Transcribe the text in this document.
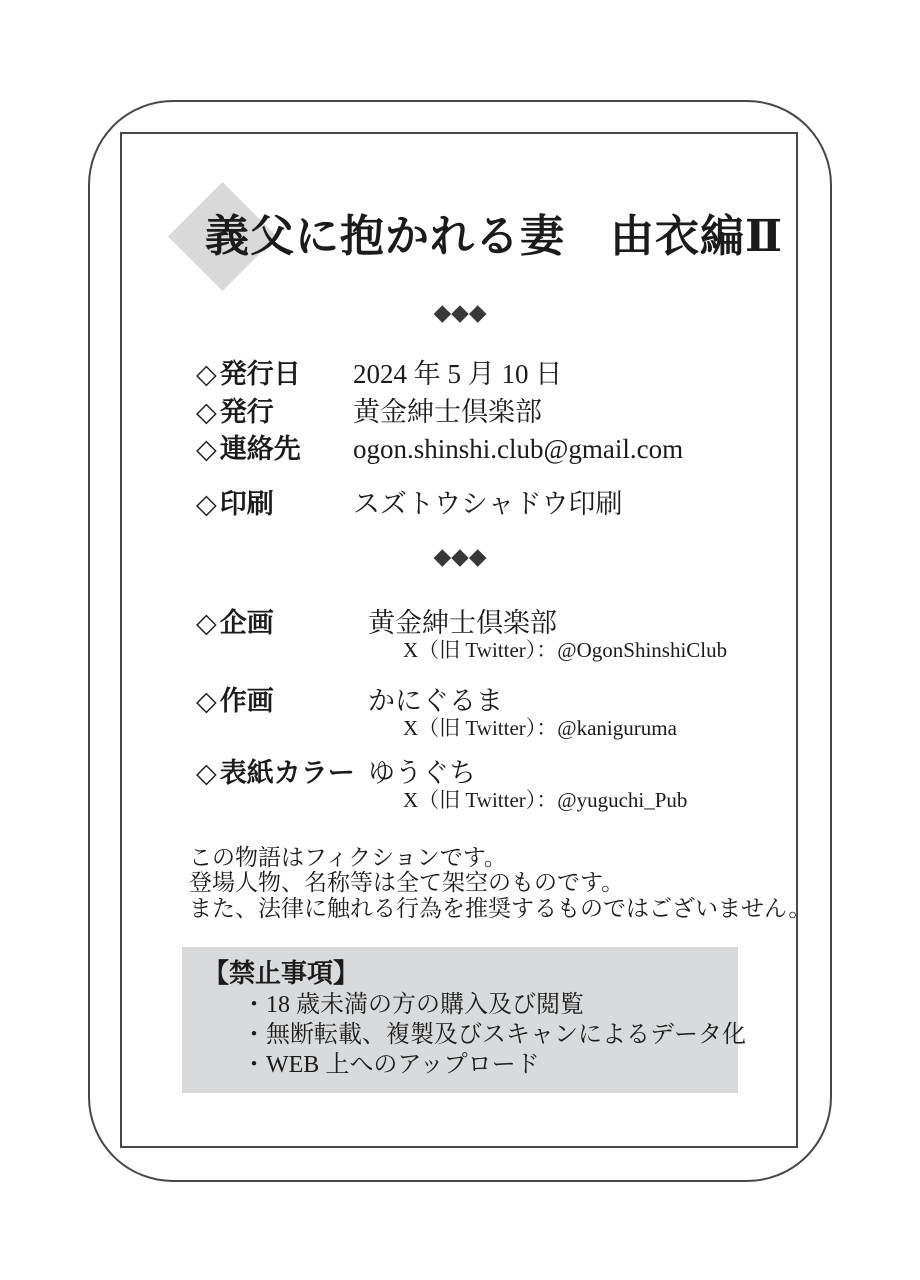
義父に抱かれる妻　由衣編Ⅱ
◆◆◆
◇ 発行日	2024 年 5 月 10 日
◇ 発行	黄金紳士倶楽部
◇ 連絡先	ogon.shinshi.club@gmail.com
◇ 印刷	スズトウシャドウ印刷
◆◆◆
◇ 企画	黄金紳士倶楽部
X（旧 Twitter）：@OgonShinshiClub
◇ 作画	かにぐるま
X（旧 Twitter）：@kaniguruma
◇ 表紙カラー ゆうぐち
X（旧 Twitter）：@yuguchi_Pub
この物語はフィクションです。
登場人物、名称等は全て架空のものです。
また、法律に触れる行為を推奨するものではございません。
【禁止事項】
・18 歳未満の方の購入及び閲覧
・無断転載、複製及びスキャンによるデータ化
・WEB 上へのアップロード
